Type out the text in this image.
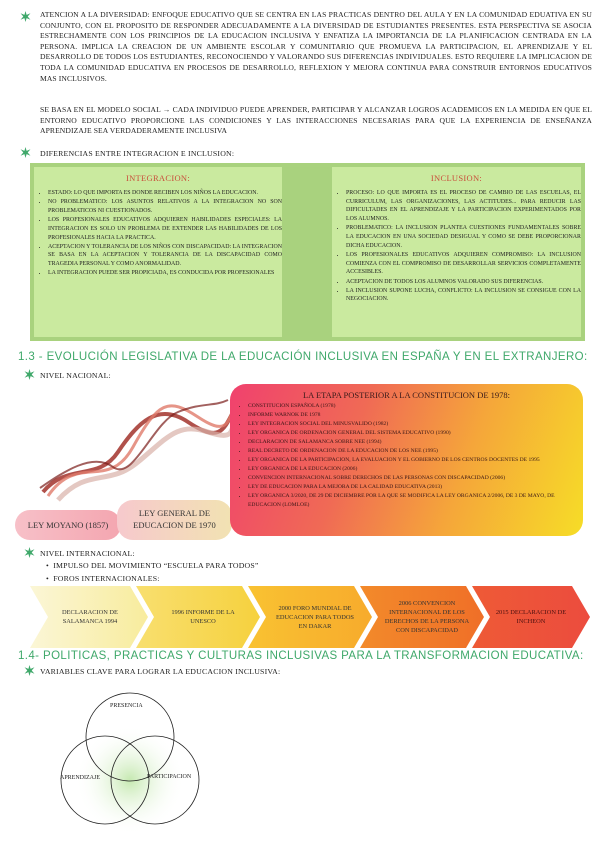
ATENCION A LA DIVERSIDAD: ENFOQUE EDUCATIVO QUE SE CENTRA EN LAS PRACTICAS DENTRO DEL AULA Y EN LA COMUNIDAD EDUATIVA EN SU CONJUNTO, CON EL PROPOSITO DE RESPONDER ADECUADAMENTE A LA DIVERSIDAD DE ESTUDIANTES PRESENTES. ESTA PERSPECTIVA SE ASOCIA ESTRECHAMENTE CON LOS PRINCIPIOS DE LA EDUCACION INCLUSIVA Y ENFATIZA LA IMPORTANCIA DE LA PLANIFICACION CENTRADA EN LA PERSONA. IMPLICA LA CREACION DE UN AMBIENTE ESCOLAR Y COMUNITARIO QUE PROMUEVA LA PARTICIPACION, EL APRENDIZAJE Y EL DESARROLLO DE TODOS LOS ESTUDIANTES, RECONOCIENDO Y VALORANDO SUS DIFERENCIAS INDIVIDUALES. ESTO REQUIERE LA IMPLICACION DE TODA LA COMUNIDAD EDUCATIVA EN PROCESOS DE DESARROLLO, REFLEXION Y MEJORA CONTINUA PARA CONSTRUIR ENTORNOS EDUCATIVOS MAS INCLUSIVOS.
SE BASA EN EL MODELO SOCIAL → CADA INDIVIDUO PUEDE APRENDER, PARTICIPAR Y ALCANZAR LOGROS ACADEMICOS EN LA MEDIDA EN QUE EL ENTORNO EDUCATIVO PROPORCIONE LAS CONDICIONES Y LAS INTERACCIONES NECESARIAS PARA QUE LA EXPERIENCIA DE ENSEÑANZA APRENDIZAJE SEA VERDADERAMENTE INCLUSIVA
DIFERENCIAS ENTRE INTEGRACION E INCLUSION:
INTEGRACION:
• ESTADO: LO QUE IMPORTA ES DONDE RECIBEN LOS NIÑOS LA EDUCACION.
• NO PROBLEMATICO: LOS ASUNTOS RELATIVOS A LA INTEGRACION NO SON PROBLEMATICOS NI CUESTIONADOS.
• LOS PROFESIONALES EDUCATIVOS ADQUIEREN HABILIDADES ESPECIALES: LA INTEGRACION ES SOLO UN PROBLEMA DE EXTENDER LAS HABILIDADES DE LOS PROFESIONALES HACIA LA PRACTICA.
• ACEPTACION Y TOLERANCIA DE LOS NIÑOS CON DISCAPACIDAD: LA INTEGRACION SE BASA EN LA ACEPTACION Y TOLERANCIA DE LA DISCAPACIDAD COMO TRAGEDIA PERSONAL Y COMO ANORMALIDAD.
• LA INTEGRACION PUEDE SER PROPICIADA, ES CONDUCIDA POR PROFESIONALES
INCLUSION:
• PROCESO: LO QUE IMPORTA ES EL PROCESO DE CAMBIO DE LAS ESCUELAS, EL CURRICULUM, LAS ORGANIZACIONES, LAS ACTITUDES... PARA REDUCIR LAS DIFICULTADES EN EL APRENDIZAJE Y LA PARTICIPACION EXPERIMENTADOS POR LOS ALUMNOS.
• PROBLEMATICO: LA INCLUSION PLANTEA CUESTIONES FUNDAMENTALES SOBRE LA EDUCACION EN UNA SOCIEDAD DESIGUAL Y COMO SE DEBE PROPORCIONAR DICHA EDUCACION.
• LOS PROFESIONALES EDUCATIVOS ADQUIEREN COMPROMISO: LA INCLUSION COMIENZA CON EL COMPROMISO DE DESARROLLAR SERVICIOS COMPLETAMENTE ACCESIBLES.
• ACEPTACION DE TODOS LOS ALUMNOS VALORADO SUS DIFERENCIAS.
• LA INCLUSION SUPONE LUCHA, CONFLICTO: LA INCLUSION SE CONSIGUE CON LA NEGOCIACION.
1.3 - EVOLUCIÓN LEGISLATIVA DE LA EDUCACIÓN INCLUSIVA EN ESPAÑA Y EN EL EXTRANJERO:
NIVEL NACIONAL:
LEY MOYANO (1857)
LEY GENERAL DE
EDUCACION DE 1970
LA ETAPA POSTERIOR A LA CONSTITUCION DE 1978:
• CONSTITUCION ESPAÑOLA (1978)
• INFORME WARNOK DE 1978
• LEY INTEGRACION SOCIAL DEL MINUSVALIDO (1982)
• LEY ORGANICA DE ORDENACION GENERAL DEL SISTEMA EDUCATIVO (1990)
• DECLARACION DE SALAMANCA SOBRE NEE (1994)
• REAL DECRETO DE ORDENACION DE LA EDUCACION DE LOS NEE (1995)
• LEY ORGANICA DE LA PARTICIPACION, LA EVALUACION Y EL GOBIERNO DE LOS CENTROS DOCENTES DE 1995
• LEY ORGANICA DE LA EDUCACION (2006)
• CONVENCION INTERNACIONAL SOBRE DERECHOS DE LAS PERSONAS CON DISCAPACIDAD (2006)
• LEY DE EDUCACION PARA LA MEJORA DE LA CALIDAD EDUCATIVA (2013)
• LEY ORGANICA 3/2020, DE 29 DE DICIEMBRE POR LA QUE SE MODIFICA LA LEY ORGANICA 2/2006, DE 3 DE MAYO, DE EDUCACION (LOMLOE)
NIVEL INTERNACIONAL:
•  IMPULSO DEL MOVIMIENTO “ESCUELA PARA TODOS”
•  FOROS INTERNACIONALES:
DECLARACION DE SALAMANCA 1994
1996 INFORME DE LA UNESCO
2000 FORO MUNDIAL DE EDUCACION PARA TODOS EN DAKAR
2006 CONVENCION INTERNACIONAL DE LOS DERECHOS DE LA PERSONA CON DISCAPACIDAD
2015 DECLARACION DE INCHEON
1.4- POLITICAS, PRACTICAS Y CULTURAS INCLUSIVAS PARA LA TRANSFORMACION EDUCATIVA:
VARIABLES CLAVE PARA LOGRAR LA EDUCACION INCLUSIVA:
PRESENCIA
APRENDIZAJE	PARTICIPACION
